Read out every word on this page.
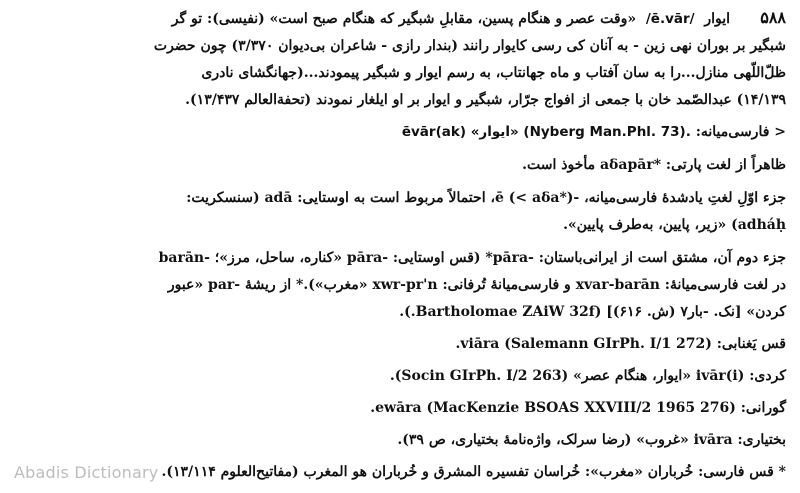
۵۸۸
ایوار  /ē.vār/  «وقت عصر و هنگام پسین، مقابلِ شبگیر که هنگام صبح است» (نفیسی): تو گر
شبگیر بر بوران نهی زین - به آنان کی رسی کایوار رانند (بندار رازی - شاعران بی‌دیوان ۳/۳۷۰) چون حضرت
ظلّ‌اللّهی منازل...را به سان آفتاب و ماه جهانتاب، به رسم ایوار و شبگیر پیمودند...(جهانگشای نادری
۱۴/۱۳۹) عبدالصّمد خان با جمعی از افواج جرّار، شبگیر و ایوار بر او ایلغار نمودند (تحفة‌العالم ۱۳/۴۳۷).
< فارسی‌میانه: ēvār(ak) «ایوار» (Nyberg Man.Phl. 73).
ظاهراً از لغت پارتی: *aδapār مأخوذ است.
جزء اوّلِ لغتِ یادشدهٔ فارسی‌میانه، -ē (< aδa*)، احتمالاً مربوط است به اوستایی: adā (سنسکریت:
adháḥ) «زیر، پایین، به‌طرف پایین».
جزء دوم آن، مشتق است از ایرانی‌باستان: -pāra* (قس اوستایی: -pāra «کناره، ساحل، مرز»؛ -barān
در لغت فارسی‌میانهٔ: xvar-barān و فارسی‌میانهٔ تُرفانی: xwr-pr'n «مغرب»).* از ریشهٔ -par «عبور
کردن» [نک. -بار۷ (ش. ۶۱۶)] (Bartholomae ZAiW 32f.).
قس یَغنابی: viāra (Salemann GIrPh. I/1 272).
کردی: ivār(i) «ایوار، هنگام عصر» (Socin GIrPh. I/2 263).
گورانی: ewāra (MacKenzie BSOAS XXVIII/2 1965 276).
بختیاری: ivāra «غروب» (رضا سرلک، واژه‌نامهٔ بختیاری، ص ۳۹).
* قس فارسی: خُرباران «مغرب»: خُراسان تفسیره المشرق و خُرباران هو المغرب (مفاتیح‌العلوم ۱۳/۱۱۴).
Abadis Dictionary
